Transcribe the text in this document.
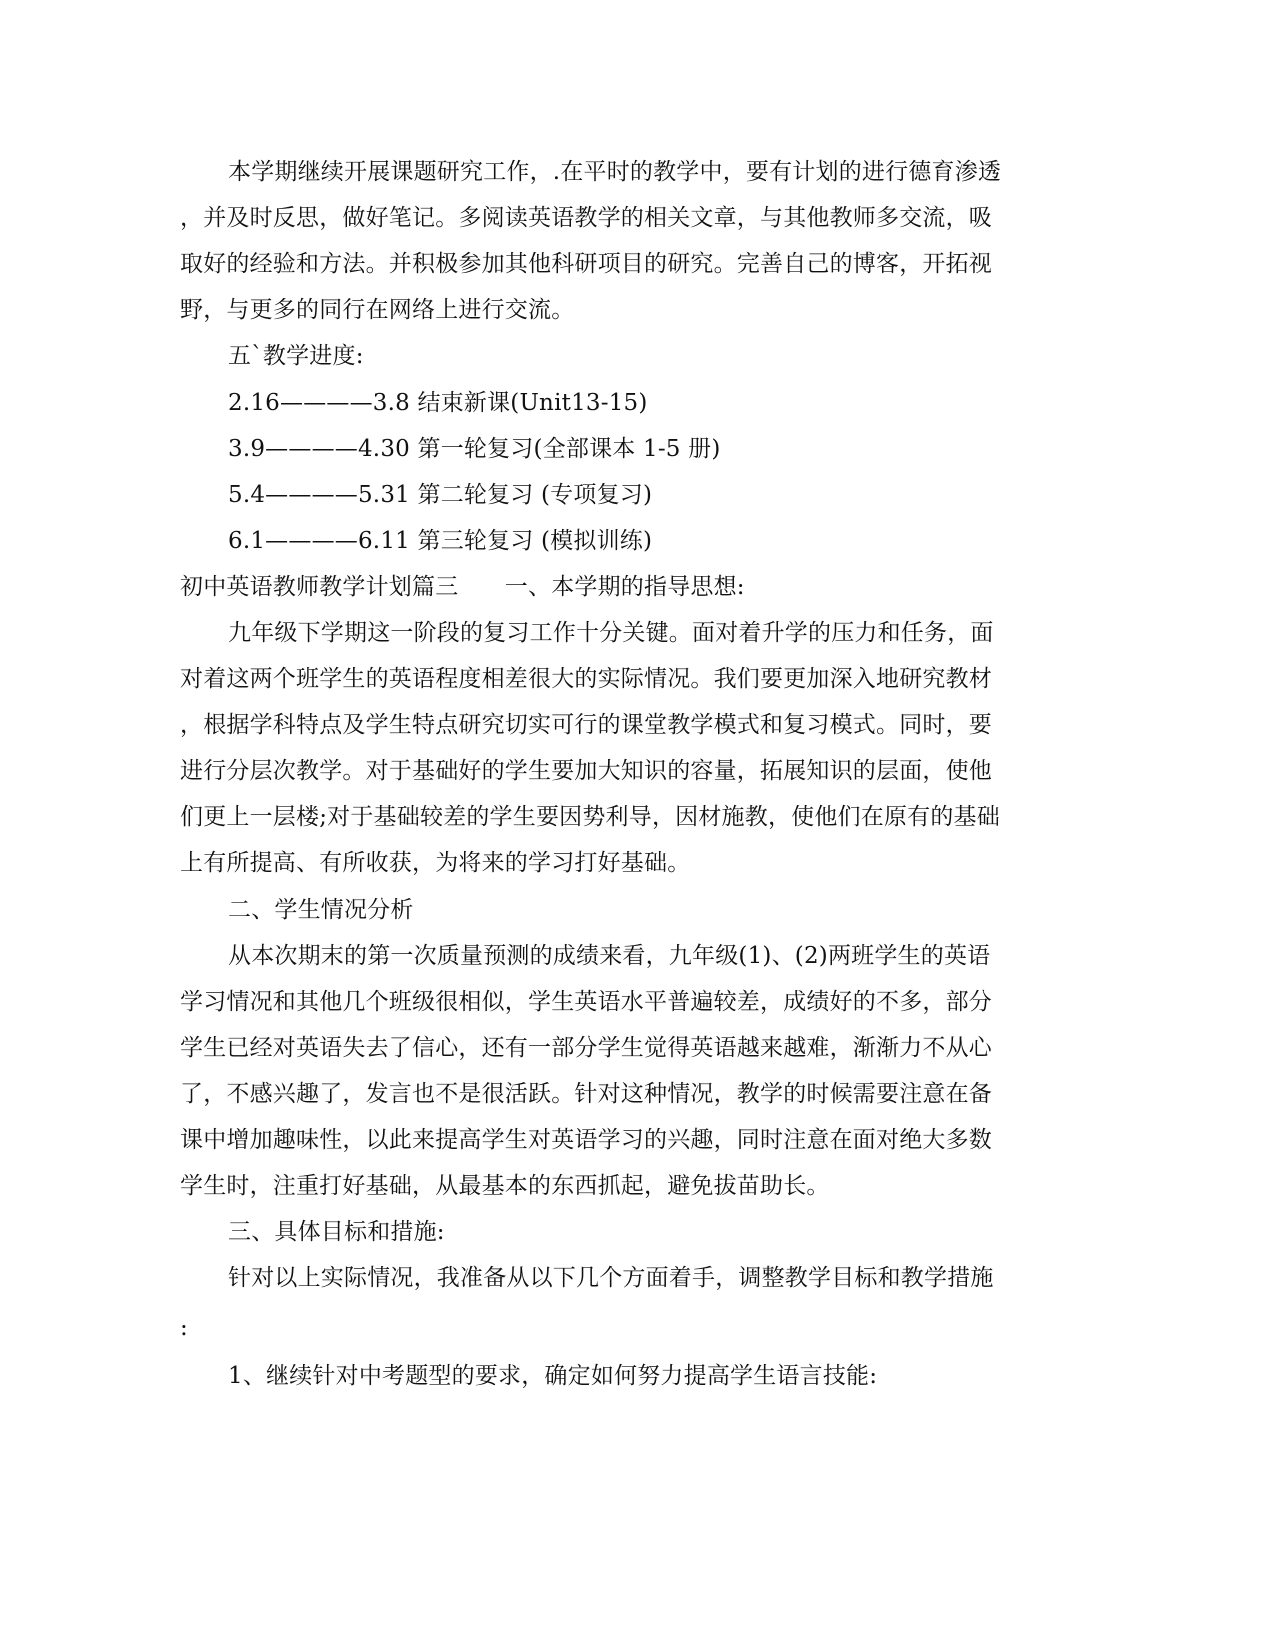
本学期继续开展课题研究工作，.在平时的教学中，要有计划的进行德育渗透
，并及时反思，做好笔记。多阅读英语教学的相关文章，与其他教师多交流，吸
取好的经验和方法。并积极参加其他科研项目的研究。完善自己的博客，开拓视
野，与更多的同行在网络上进行交流。
五`教学进度:
2.16————3.8 结束新课(Unit13-15)
3.9————4.30 第一轮复习(全部课本 1-5 册)
5.4————5.31 第二轮复习 (专项复习)
6.1————6.11 第三轮复习 (模拟训练)
初中英语教师教学计划篇三　　一、本学期的指导思想:
九年级下学期这一阶段的复习工作十分关键。面对着升学的压力和任务，面
对着这两个班学生的英语程度相差很大的实际情况。我们要更加深入地研究教材
，根据学科特点及学生特点研究切实可行的课堂教学模式和复习模式。同时，要
进行分层次教学。对于基础好的学生要加大知识的容量，拓展知识的层面，使他
们更上一层楼;对于基础较差的学生要因势利导，因材施教，使他们在原有的基础
上有所提高、有所收获，为将来的学习打好基础。
二、学生情况分析
从本次期末的第一次质量预测的成绩来看，九年级(1)、(2)两班学生的英语
学习情况和其他几个班级很相似，学生英语水平普遍较差，成绩好的不多，部分
学生已经对英语失去了信心，还有一部分学生觉得英语越来越难，渐渐力不从心
了，不感兴趣了，发言也不是很活跃。针对这种情况，教学的时候需要注意在备
课中增加趣味性，以此来提高学生对英语学习的兴趣，同时注意在面对绝大多数
学生时，注重打好基础，从最基本的东西抓起，避免拔苗助长。
三、具体目标和措施:
针对以上实际情况，我准备从以下几个方面着手，调整教学目标和教学措施
:
1、继续针对中考题型的要求，确定如何努力提高学生语言技能:
